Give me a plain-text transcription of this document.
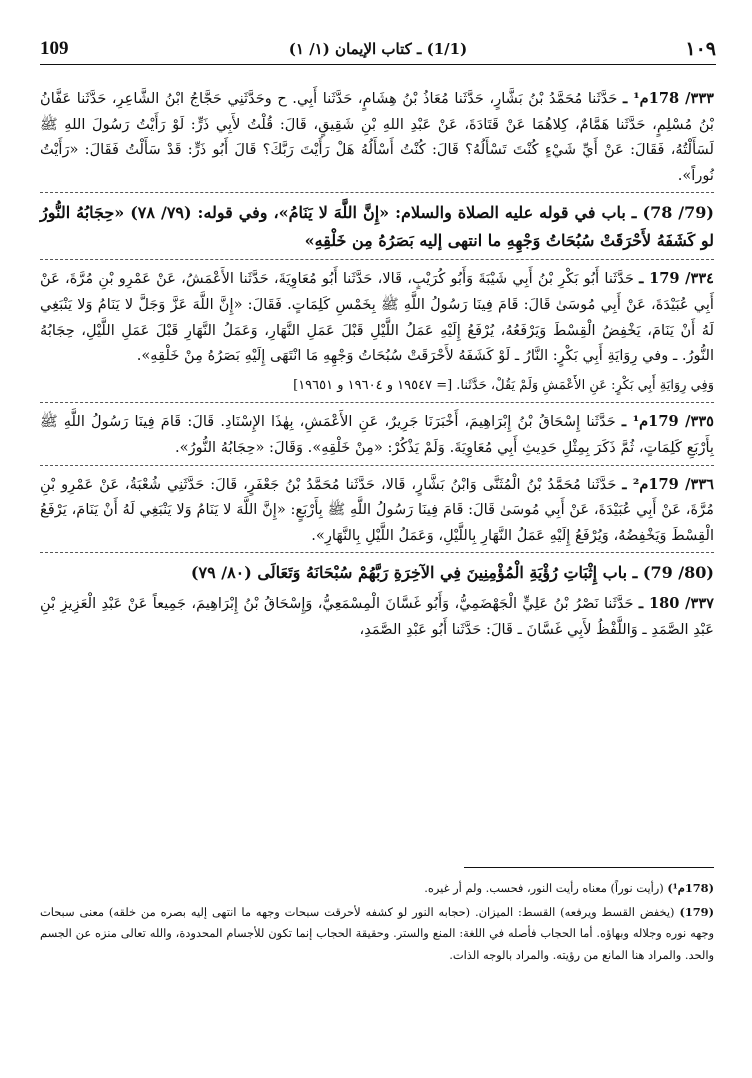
109	(1/1) ـ كتاب الإيمان (١/ ١)	١٠٩

٣٣٣/ 178م¹ ـ حَدَّثَنا مُحَمَّدُ بْنُ بَشَّارٍ، حَدَّثَنا مُعَاذُ بْنُ هِشَامٍ، حَدَّثَنا أَبِي. ح وحَدَّثَنِي حَجَّاجُ ابْنُ الشَّاعِرِ، حَدَّثَنا عَفَّانُ بْنُ مُسْلِمٍ، حَدَّثَنا هَمَّامٌ، كِلاهُمَا عَنْ قَتَادَةَ، عَنْ عَبْدِ اللهِ بْنِ شَقِيقٍ، قَالَ: قُلْتُ لأَبِي ذَرٍّ: لَوْ رَأَيْتُ رَسُولَ اللهِ ﷺ لَسَأَلْتُهُ، فَقَالَ: عَنْ أَيِّ شَيْءٍ كُنْتَ تَسْأَلُهُ؟ قَالَ: كُنْتُ أَسْأَلُهُ هَلْ رَأَيْتَ رَبَّكَ؟ قَالَ أَبُو ذَرٍّ: قَدْ سَأَلْتُ فَقَالَ: «رَأَيْتُ نُوراً».

(79/ 78) ـ باب في قوله عليه الصلاة والسلام: «إِنَّ اللَّهَ لا يَنَامُ»، وفي قوله: (٧٩/ ٧٨) «حِجَابُهُ النُّورُ لو كَشَفَهُ لأَحْرَقَتْ سُبُحَاتُ وَجْهِهِ ما انتهى إليه بَصَرُهُ مِن خَلْقِهِ»

٣٣٤/ 179 ـ حَدَّثَنا أَبُو بَكْرِ بْنُ أَبِي شَيْبَةَ وَأَبُو كُرَيْبٍ، قَالا، حَدَّثَنا أَبُو مُعَاوِيَةَ، حَدَّثَنا الأَعْمَشُ، عَنْ عَمْرِو بْنِ مُرَّةَ، عَنْ أَبِي عُبَيْدَةَ، عَنْ أَبِي مُوسَىٰ قَالَ: قَامَ فِينَا رَسُولُ اللَّهِ ﷺ بِخَمْسِ كَلِمَاتٍ. فَقَالَ: «إِنَّ اللَّهَ عَزَّ وَجَلَّ لا يَنَامُ وَلا يَنْبَغِي لَهُ أَنْ يَنَامَ، يَخْفِضُ الْقِسْطَ وَيَرْفَعُهُ، يُرْفَعُ إِلَيْهِ عَمَلُ اللَّيْلِ قَبْلَ عَمَلِ النَّهَارِ، وَعَمَلُ النَّهَارِ قَبْلَ عَمَلِ اللَّيْلِ، حِجَابُهُ النُّورُ. ـ وفي رِوَايَةِ أَبِي بَكْرٍ: النَّارُ ـ لَوْ كَشَفَهُ لأَحْرَقَتْ سُبُحَاتُ وَجْهِهِ مَا انْتَهَى إِلَيْهِ بَصَرُهُ مِنْ خَلْقِهِ».

وَفِي رِوَايَةِ أَبِي بَكْرٍ: عَنِ الأَعْمَشِ وَلَمْ يَقُلْ، حَدَّثَنا. [= ١٩٥٤٧ و ١٩٦٠٤ و ١٩٦٥١]

٣٣٥/ 179م¹ ـ حَدَّثَنا إِسْحَاقُ بْنُ إِبْرَاهِيمَ، أَخْبَرَنَا جَرِيرٌ، عَنِ الأَعْمَشِ، بِهٰذَا الإِسْنَادِ. قَالَ: قَامَ فِينَا رَسُولُ اللَّهِ ﷺ بِأَرْبَعِ كَلِمَاتٍ، ثُمَّ ذَكَرَ بِمِثْلِ حَدِيثِ أَبِي مُعَاوِيَةَ. وَلَمْ يَذْكُرْ: «مِنْ خَلْقِهِ». وَقَالَ: «حِجَابُهُ النُّورُ».

٣٣٦/ 179م² ـ حَدَّثَنا مُحَمَّدُ بْنُ الْمُثَنَّى وَابْنُ بَشَّارٍ، قَالا، حَدَّثَنا مُحَمَّدُ بْنُ جَعْفَرٍ، قَالَ: حَدَّثَنِي شُعْبَةُ، عَنْ عَمْرِو بْنِ مُرَّةَ، عَنْ أَبِي عُبَيْدَةَ، عَنْ أَبِي مُوسَىٰ قَالَ: قَامَ فِينَا رَسُولُ اللَّهِ ﷺ بِأَرْبَعٍ: «إِنَّ اللَّهَ لا يَنَامُ وَلا يَنْبَغِي لَهُ أَنْ يَنَامَ، يَرْفَعُ الْقِسْطَ وَيَخْفِضُهُ، وَيُرْفَعُ إِلَيْهِ عَمَلُ النَّهَارِ بِاللَّيْلِ، وَعَمَلُ اللَّيْلِ بِالنَّهَارِ».

(80/ 79) ـ باب إِثْبَاتِ رُؤْيَةِ الْمُؤْمِنِينَ فِي الآخِرَةِ رَبَّهُمْ سُبْحَانَهُ وَتَعَالَى (٨٠/ ٧٩)

٣٣٧/ 180 ـ حَدَّثَنا نَصْرُ بْنُ عَلِيٍّ الْجَهْضَمِيُّ، وَأَبُو غَسَّانَ الْمِسْمَعِيُّ، وَإِسْحَاقُ بْنُ إِبْرَاهِيمَ، جَمِيعاً عَنْ عَبْدِ الْعَزِيزِ بْنِ عَبْدِ الصَّمَدِ ـ وَاللَّفْظُ لأَبِي غَسَّانَ ـ قَالَ: حَدَّثَنا أَبُو عَبْدِ الصَّمَدِ،

(178م¹) (رأيت نوراً) معناه رأيت النور، فحسب. ولم أر غيره.

(179) (يخفض القسط ويرفعه) القسط: الميزان. (حجابه النور لو كشفه لأحرقت سبحات وجهه ما انتهى إليه بصره من خلقه) معنى سبحات وجهه نوره وجلاله وبهاؤه. أما الحجاب فأصله في اللغة: المنع والستر. وحقيقة الحجاب إنما تكون للأجسام المحدودة، والله تعالى منزه عن الجسم والحد. والمراد هنا المانع من رؤيته. والمراد بالوجه الذات.
